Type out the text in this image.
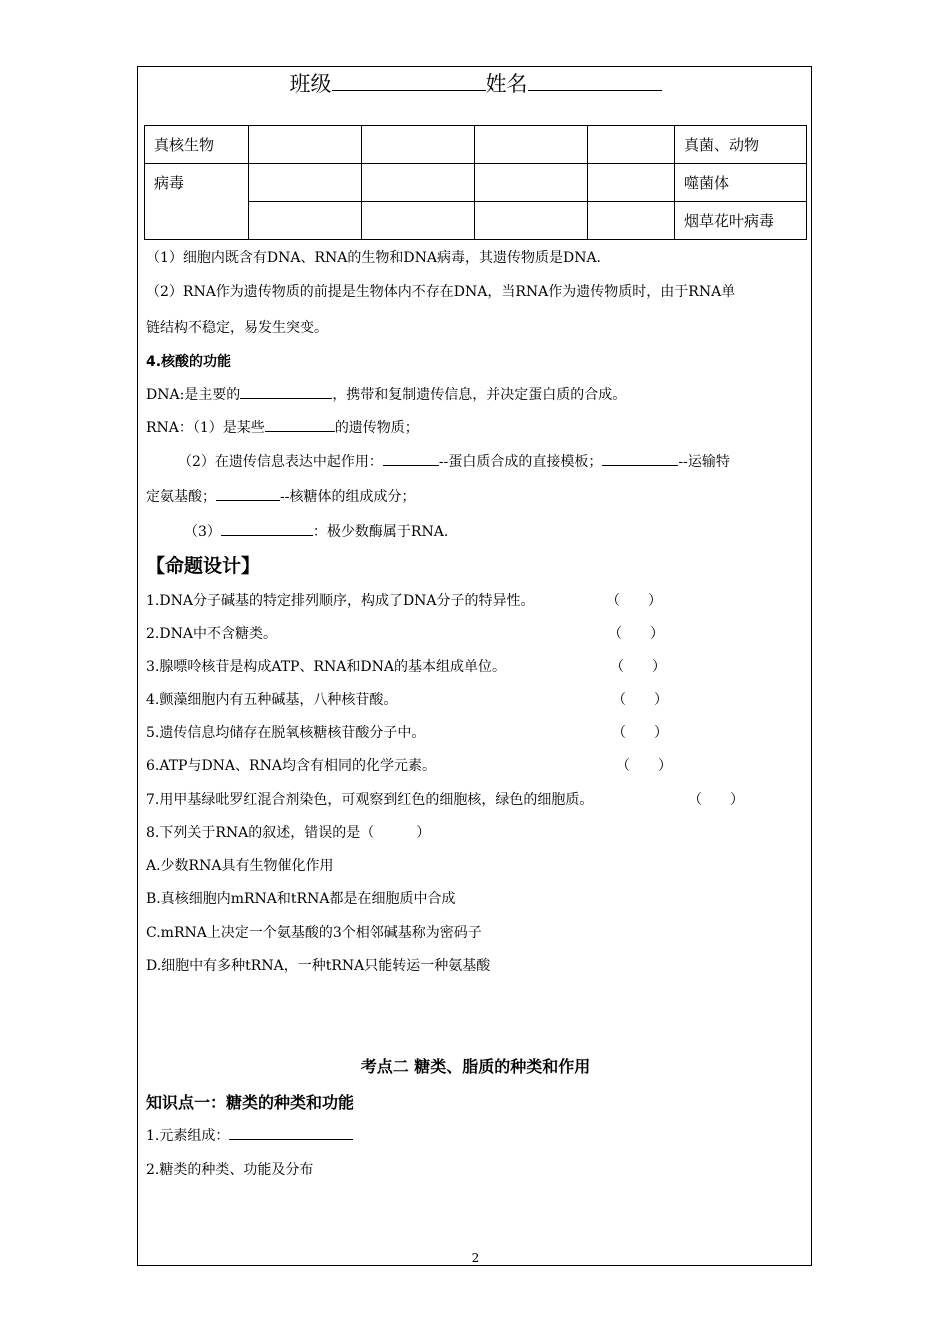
班级	姓名
真核生物					真菌、动物
病毒					噬菌体
					烟草花叶病毒
（1）细胞内既含有DNA、RNA的生物和DNA病毒，其遗传物质是DNA.
（2）RNA作为遗传物质的前提是生物体内不存在DNA，当RNA作为遗传物质时，由于RNA单
链结构不稳定，易发生突变。
4.核酸的功能
DNA:是主要的	，携带和复制遗传信息，并决定蛋白质的合成。
RNA：（1）是某些	的遗传物质；
（2）在遗传信息表达中起作用：	--蛋白质合成的直接模板；	--运输特
定氨基酸；	--核糖体的组成成分；
（3）	：极少数酶属于RNA.
【命题设计】
1.DNA分子碱基的特定排列顺序，构成了DNA分子的特异性。	（　　）
2.DNA中不含糖类。	（　　）
3.腺嘌呤核苷是构成ATP、RNA和DNA的基本组成单位。	（　　）
4.颤藻细胞内有五种碱基，八种核苷酸。	（　　）
5.遗传信息均储存在脱氧核糖核苷酸分子中。	（　　）
6.ATP与DNA、RNA均含有相同的化学元素。	（　　）
7.用甲基绿吡罗红混合剂染色，可观察到红色的细胞核，绿色的细胞质。	（　　）
8.下列关于RNA的叙述，错误的是（　　　）
A.少数RNA具有生物催化作用
B.真核细胞内mRNA和tRNA都是在细胞质中合成
C.mRNA上决定一个氨基酸的3个相邻碱基称为密码子
D.细胞中有多种tRNA，一种tRNA只能转运一种氨基酸
考点二 糖类、脂质的种类和作用
知识点一：糖类的种类和功能
1.元素组成：
2.糖类的种类、功能及分布
2
